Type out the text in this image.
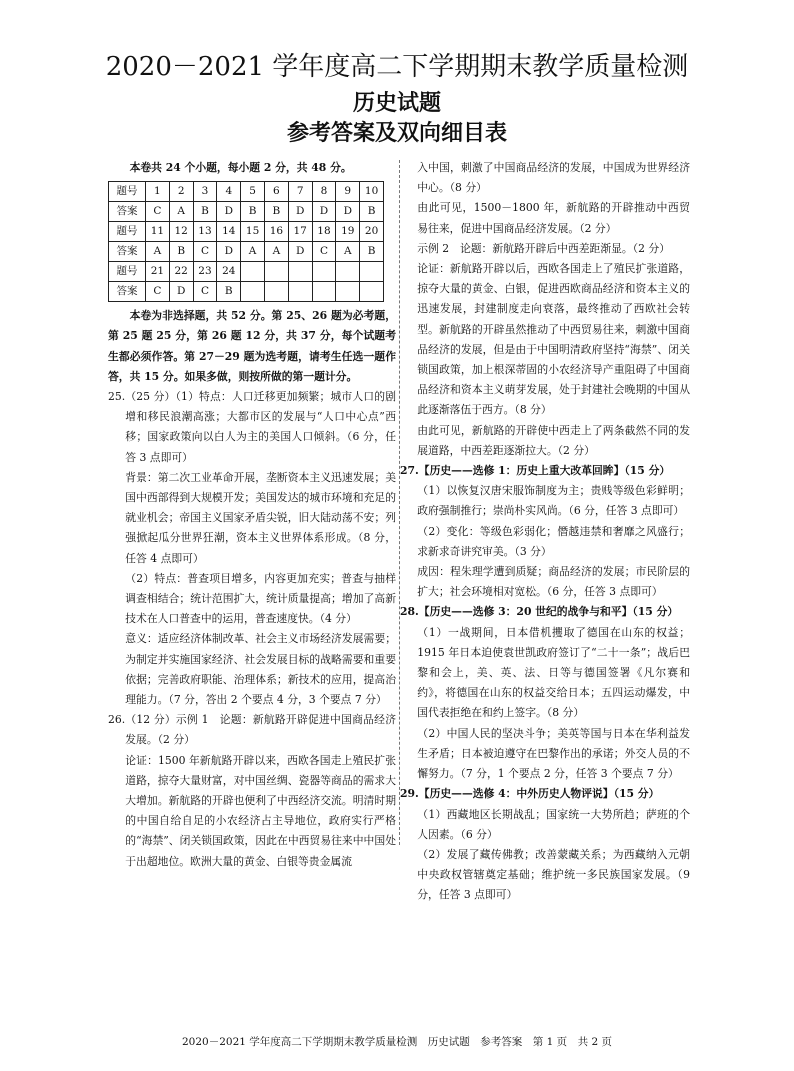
2020－2021 学年度高二下学期期末教学质量检测
历史试题
参考答案及双向细目表

本卷共 24 个小题，每小题 2 分，共 48 分。

题号	1	2	3	4	5	6	7	8	9	10
答案	C	A	B	D	B	B	D	D	D	B
题号	11	12	13	14	15	16	17	18	19	20
答案	A	B	C	D	A	A	D	C	A	B
题号	21	22	23	24						
答案	C	D	C	B						

本卷为非选择题，共 52 分。第 25、26 题为必考题，第 25 题 25 分，第 26 题 12 分，共 37 分，每个试题考生都必须作答。第 27－29 题为选考题，请考生任选一题作答，共 15 分。如果多做，则按所做的第一题计分。

25.（25 分）（1）特点：人口迁移更加频繁；城市人口的剧增和移民浪潮高涨；大都市区的发展与“人口中心点”西移；国家政策向以白人为主的美国人口倾斜。（6 分，任答 3 点即可）

背景：第二次工业革命开展，垄断资本主义迅速发展；美国中西部得到大规模开发；美国发达的城市环境和充足的就业机会；帝国主义国家矛盾尖锐，旧大陆动荡不安；列强掀起瓜分世界狂潮，资本主义世界体系形成。（8 分，任答 4 点即可）

（2）特点：普查项目增多，内容更加充实；普查与抽样调查相结合；统计范围扩大，统计质量提高；增加了高新技术在人口普查中的运用，普查速度快。（4 分）

意义：适应经济体制改革、社会主义市场经济发展需要；为制定并实施国家经济、社会发展目标的战略需要和重要依据；完善政府职能、治理体系；新技术的应用，提高治理能力。（7 分，答出 2 个要点 4 分，3 个要点 7 分）

26.（12 分）示例 1　论题：新航路开辟促进中国商品经济发展。（2 分）

论证：1500 年新航路开辟以来，西欧各国走上殖民扩张道路，掠夺大量财富，对中国丝绸、瓷器等商品的需求大大增加。新航路的开辟也便利了中西经济交流。明清时期的中国自给自足的小农经济占主导地位，政府实行严格的“海禁”、闭关锁国政策，因此在中西贸易往来中中国处于出超地位。欧洲大量的黄金、白银等贵金属流

入中国，刺激了中国商品经济的发展，中国成为世界经济中心。（8 分）

由此可见，1500－1800 年，新航路的开辟推动中西贸易往来，促进中国商品经济发展。（2 分）

示例 2　论题：新航路开辟后中西差距渐显。（2 分）

论证：新航路开辟以后，西欧各国走上了殖民扩张道路，掠夺大量的黄金、白银，促进西欧商品经济和资本主义的迅速发展，封建制度走向衰落，最终推动了西欧社会转型。新航路的开辟虽然推动了中西贸易往来，刺激中国商品经济的发展，但是由于中国明清政府坚持“海禁”、闭关锁国政策，加上根深蒂固的小农经济导产重阻碍了中国商品经济和资本主义萌芽发展，处于封建社会晚期的中国从此逐渐落伍于西方。（8 分）

由此可见，新航路的开辟使中西走上了两条截然不同的发展道路，中西差距逐渐拉大。（2 分）

27.【历史——选修 1：历史上重大改革回眸】（15 分）

（1）以恢复汉唐宋服饰制度为主；贵贱等级色彩鲜明；政府强制推行；崇尚朴实风尚。（6 分，任答 3 点即可）

（2）变化：等级色彩弱化；僭越违禁和奢靡之风盛行；求新求奇讲究审美。（3 分）

成因：程朱理学遭到质疑；商品经济的发展；市民阶层的扩大；社会环境相对宽松。（6 分，任答 3 点即可）

28.【历史——选修 3：20 世纪的战争与和平】（15 分）

（1）一战期间，日本借机攫取了德国在山东的权益；1915 年日本迫使袁世凯政府签订了“二十一条”；战后巴黎和会上，美、英、法、日等与德国签署《凡尔赛和约》，将德国在山东的权益交给日本；五四运动爆发，中国代表拒绝在和约上签字。（8 分）

（2）中国人民的坚决斗争；美英等国与日本在华利益发生矛盾；日本被迫遵守在巴黎作出的承诺；外交人员的不懈努力。（7 分，1 个要点 2 分，任答 3 个要点 7 分）

29.【历史——选修 4：中外历史人物评说】（15 分）

（1）西藏地区长期战乱；国家统一大势所趋；萨班的个人因素。（6 分）

（2）发展了藏传佛教；改善蒙藏关系；为西藏纳入元朝中央政权管辖奠定基础；维护统一多民族国家发展。（9 分，任答 3 点即可）

2020－2021 学年度高二下学期期末教学质量检测　历史试题　参考答案　第 1 页　共 2 页
